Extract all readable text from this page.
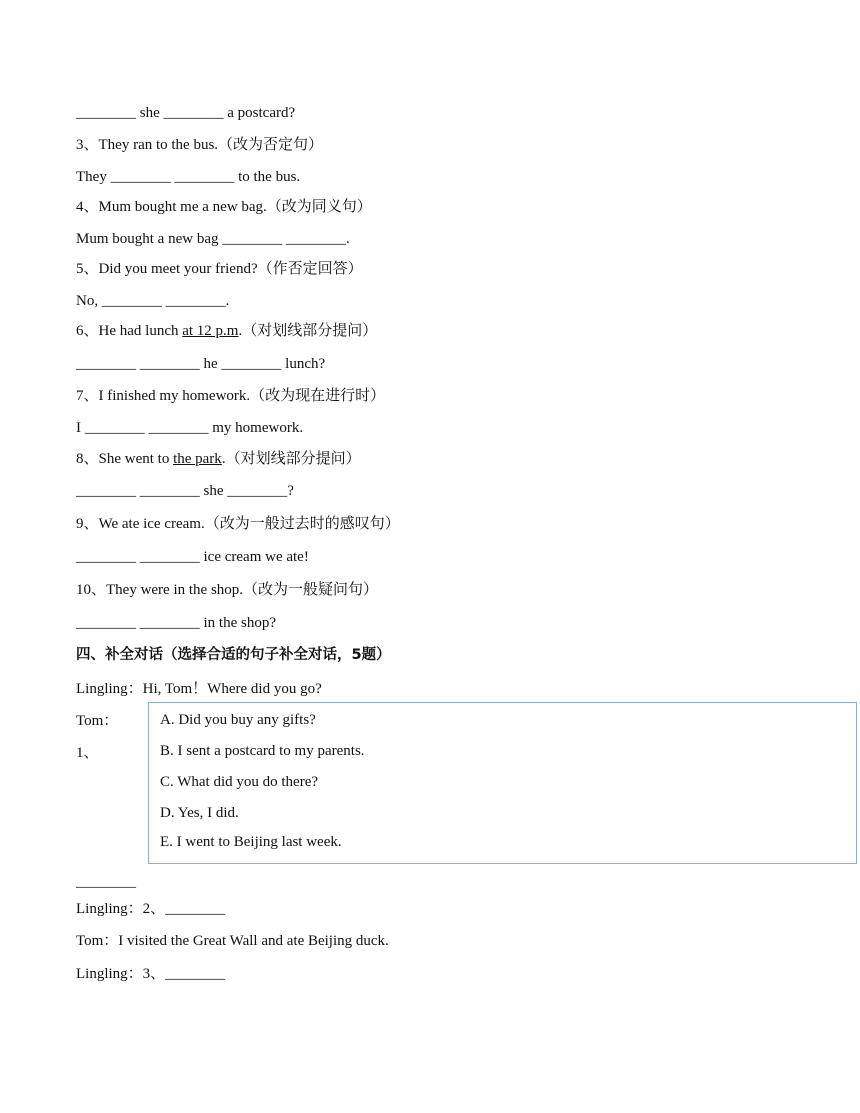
________ she ________ a postcard?
3、They ran to the bus.（改为否定句）
They ________ ________ to the bus.
4、Mum bought me a new bag.（改为同义句）
Mum bought a new bag ________ ________.
5、Did you meet your friend?（作否定回答）
No, ________ ________.
6、He had lunch at 12 p.m.（对划线部分提问）
________ ________ he ________ lunch?
7、I finished my homework.（改为现在进行时）
I ________ ________ my homework.
8、She went to the park.（对划线部分提问）
________ ________ she ________?
9、We ate ice cream.（改为一般过去时的感叹句）
________ ________ ice cream we ate!
10、They were in the shop.（改为一般疑问句）
________ ________ in the shop?
四、补全对话（选择合适的句子补全对话，5题）
Lingling：Hi, Tom！Where did you go?
Tom：
1、
________
Lingling：2、________
Tom：I visited the Great Wall and ate Beijing duck.
Lingling：3、________
A. Did you buy any gifts?
B. I sent a postcard to my parents.
C. What did you do there?
D. Yes, I did.
E. I went to Beijing last week.
